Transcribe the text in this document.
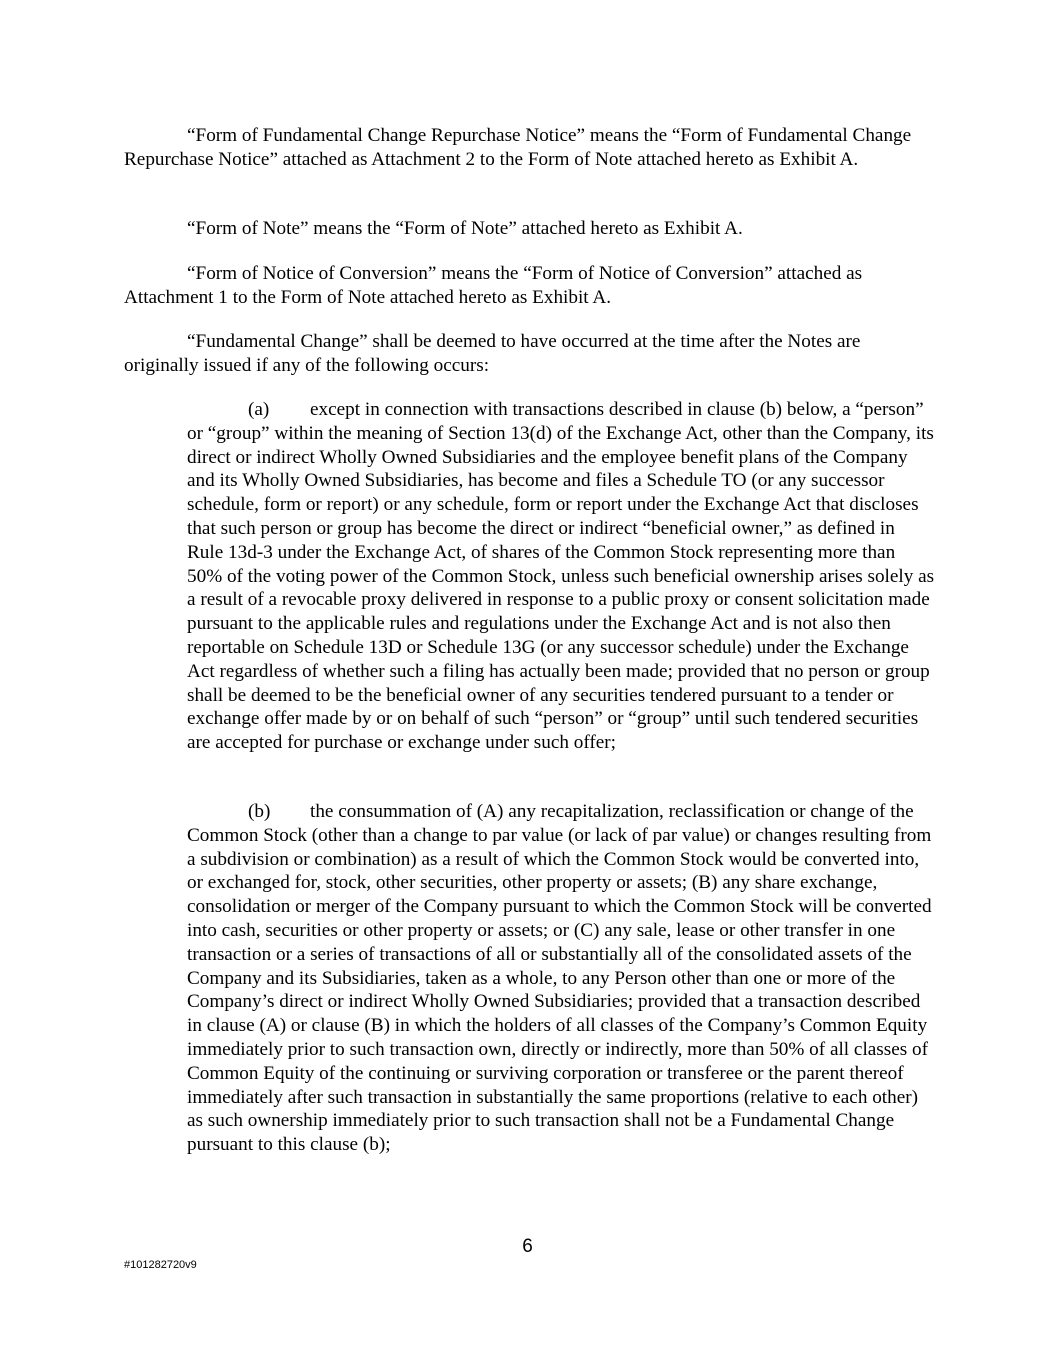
“Form of Fundamental Change Repurchase Notice” means the “Form of Fundamental Change Repurchase Notice” attached as Attachment 2 to the Form of Note attached hereto as Exhibit A.

“Form of Note” means the “Form of Note” attached hereto as Exhibit A.

“Form of Notice of Conversion” means the “Form of Notice of Conversion” attached as Attachment 1 to the Form of Note attached hereto as Exhibit A.

“Fundamental Change” shall be deemed to have occurred at the time after the Notes are originally issued if any of the following occurs:

(a) except in connection with transactions described in clause (b) below, a “person” or “group” within the meaning of Section 13(d) of the Exchange Act, other than the Company, its direct or indirect Wholly Owned Subsidiaries and the employee benefit plans of the Company and its Wholly Owned Subsidiaries, has become and files a Schedule TO (or any successor schedule, form or report) or any schedule, form or report under the Exchange Act that discloses that such person or group has become the direct or indirect “beneficial owner,” as defined in Rule 13d-3 under the Exchange Act, of shares of the Common Stock representing more than 50% of the voting power of the Common Stock, unless such beneficial ownership arises solely as a result of a revocable proxy delivered in response to a public proxy or consent solicitation made pursuant to the applicable rules and regulations under the Exchange Act and is not also then reportable on Schedule 13D or Schedule 13G (or any successor schedule) under the Exchange Act regardless of whether such a filing has actually been made; provided that no person or group shall be deemed to be the beneficial owner of any securities tendered pursuant to a tender or exchange offer made by or on behalf of such “person” or “group” until such tendered securities are accepted for purchase or exchange under such offer;

(b) the consummation of (A) any recapitalization, reclassification or change of the Common Stock (other than a change to par value (or lack of par value) or changes resulting from a subdivision or combination) as a result of which the Common Stock would be converted into, or exchanged for, stock, other securities, other property or assets; (B) any share exchange, consolidation or merger of the Company pursuant to which the Common Stock will be converted into cash, securities or other property or assets; or (C) any sale, lease or other transfer in one transaction or a series of transactions of all or substantially all of the consolidated assets of the Company and its Subsidiaries, taken as a whole, to any Person other than one or more of the Company’s direct or indirect Wholly Owned Subsidiaries; provided that a transaction described in clause (A) or clause (B) in which the holders of all classes of the Company’s Common Equity immediately prior to such transaction own, directly or indirectly, more than 50% of all classes of Common Equity of the continuing or surviving corporation or transferee or the parent thereof immediately after such transaction in substantially the same proportions (relative to each other) as such ownership immediately prior to such transaction shall not be a Fundamental Change pursuant to this clause (b);

6
#101282720v9
